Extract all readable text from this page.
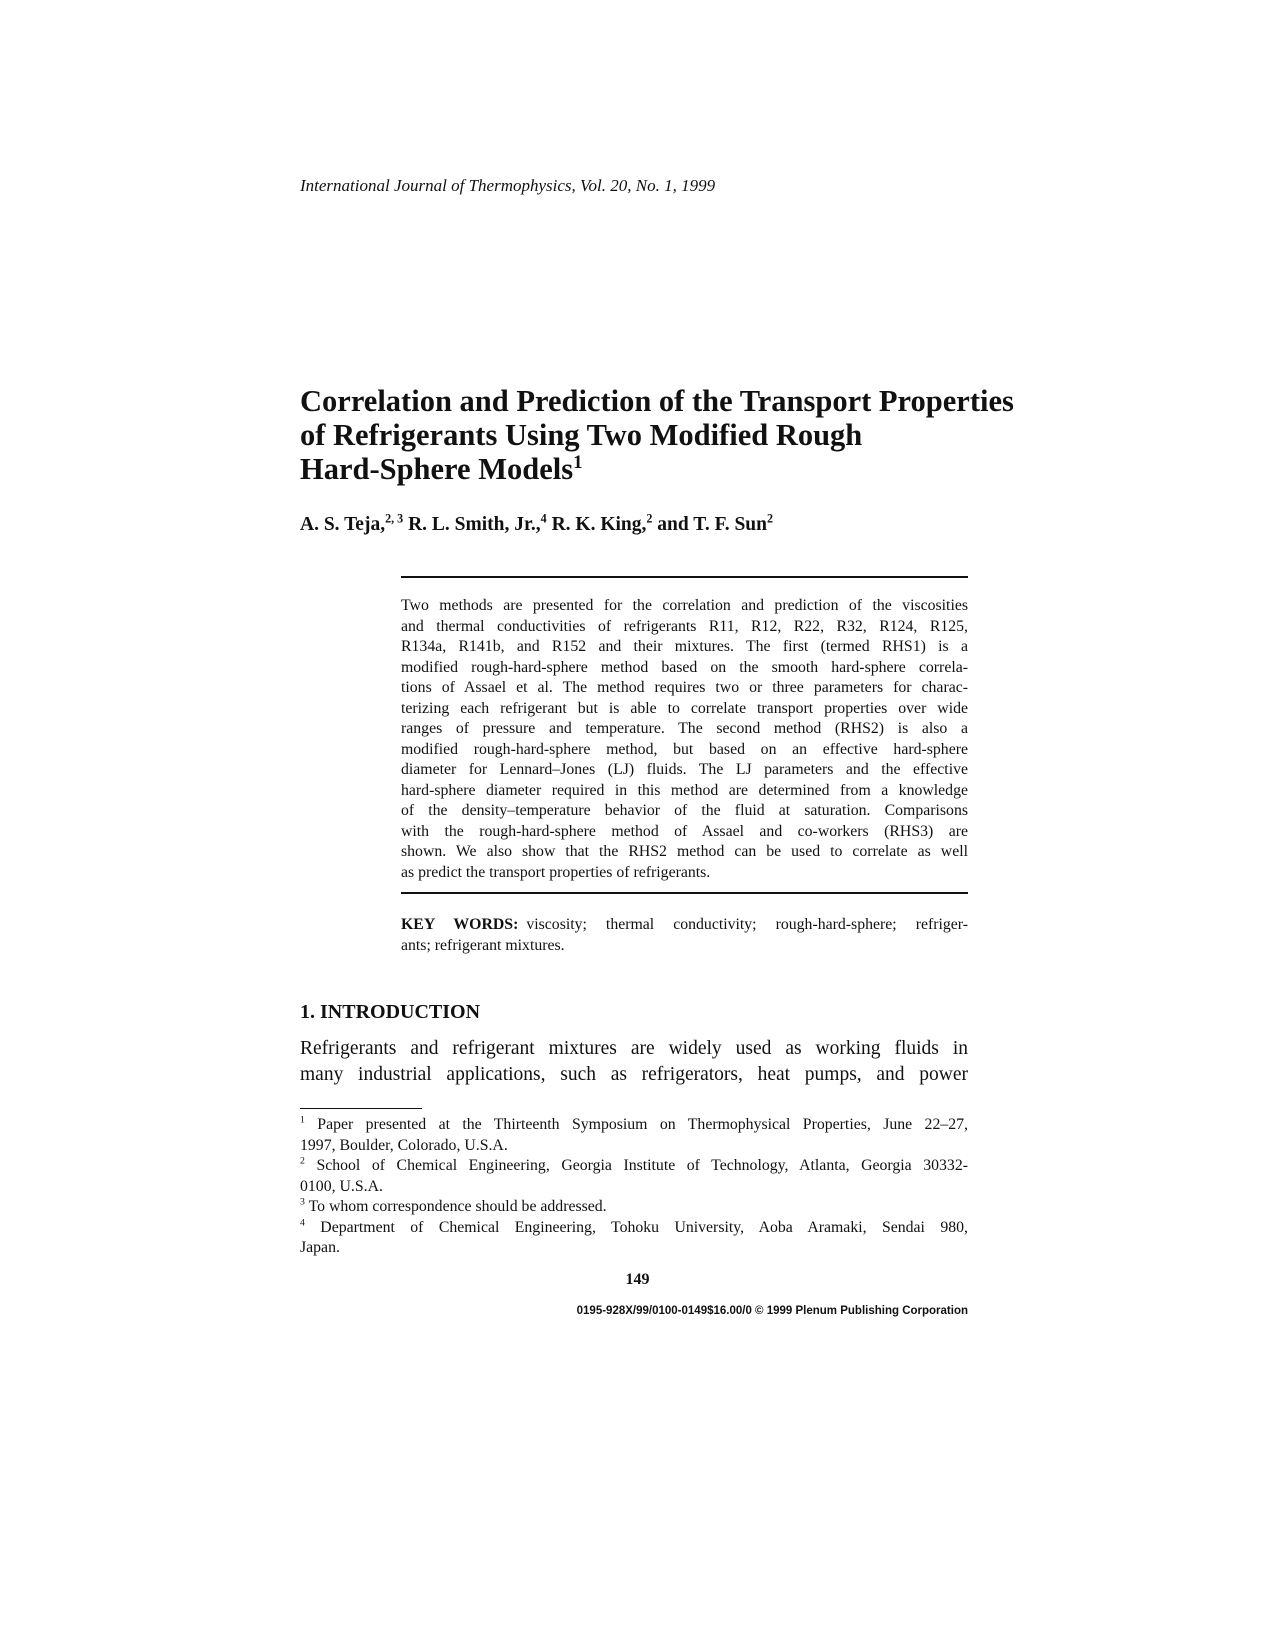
International Journal of Thermophysics, Vol. 20, No. 1, 1999
Correlation and Prediction of the Transport Properties
of Refrigerants Using Two Modified Rough
Hard-Sphere Models$^1$
A. S. Teja,$^{2, 3}$ R. L. Smith, Jr.,$^4$ R. K. King,$^2$ and T. F. Sun$^2$
Two methods are presented for the correlation and prediction of the viscosities
and thermal conductivities of refrigerants R11, R12, R22, R32, R124, R125,
R134a, R141b, and R152 and their mixtures. The first (termed RHS1) is a
modified rough-hard-sphere method based on the smooth hard-sphere correla-
tions of Assael et al. The method requires two or three parameters for charac-
terizing each refrigerant but is able to correlate transport properties over wide
ranges of pressure and temperature. The second method (RHS2) is also a
modified rough-hard-sphere method, but based on an effective hard-sphere
diameter for Lennard–Jones (LJ) fluids. The LJ parameters and the effective
hard-sphere diameter required in this method are determined from a knowledge
of the density–temperature behavior of the fluid at saturation. Comparisons
with the rough-hard-sphere method of Assael and co-workers (RHS3) are
shown. We also show that the RHS2 method can be used to correlate as well
as predict the transport properties of refrigerants.
KEY WORDS: viscosity; thermal conductivity; rough-hard-sphere; refriger-
ants; refrigerant mixtures.
1. INTRODUCTION
Refrigerants and refrigerant mixtures are widely used as working fluids in
many industrial applications, such as refrigerators, heat pumps, and power
$^1$ Paper presented at the Thirteenth Symposium on Thermophysical Properties, June 22–27,
1997, Boulder, Colorado, U.S.A.
$^2$ School of Chemical Engineering, Georgia Institute of Technology, Atlanta, Georgia 30332-
0100, U.S.A.
$^3$ To whom correspondence should be addressed.
$^4$ Department of Chemical Engineering, Tohoku University, Aoba Aramaki, Sendai 980,
Japan.
149
0195-928X/99/0100-0149$16.00/0 © 1999 Plenum Publishing Corporation
